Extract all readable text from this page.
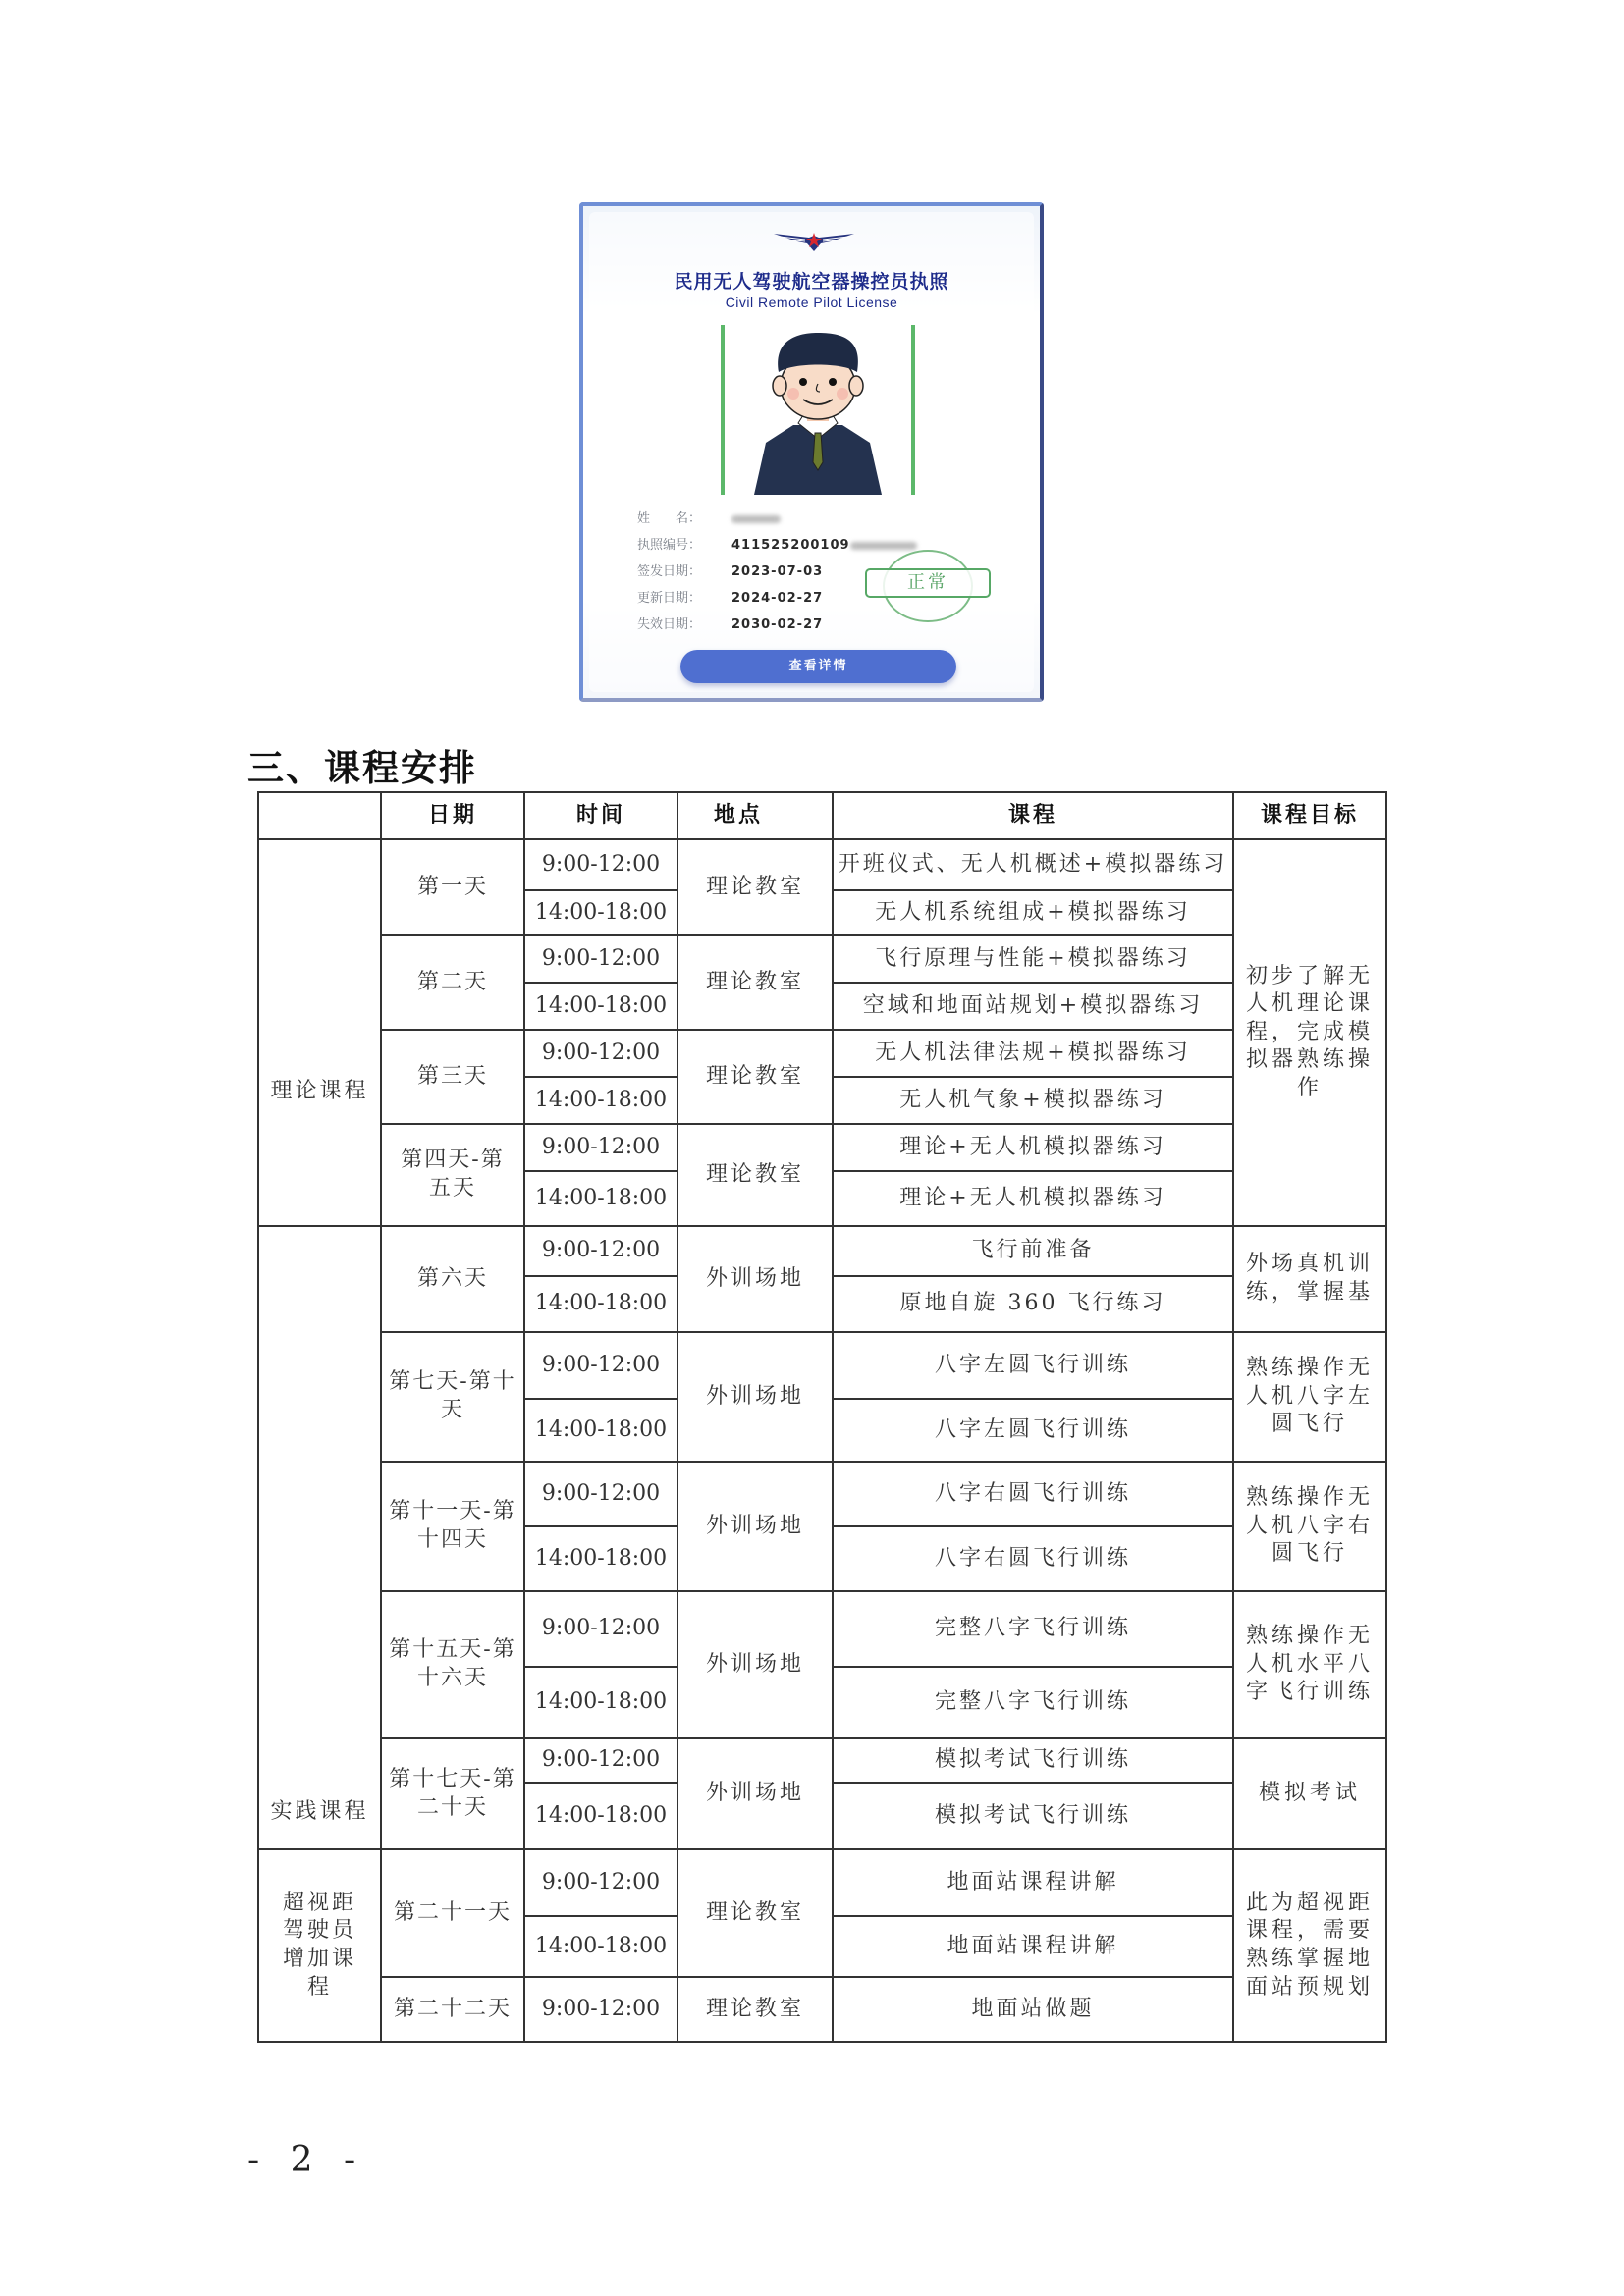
民用无人驾驶航空器操控员执照
Civil Remote Pilot License
姓　　名：
执照编号： 411525200109
签发日期： 2023-07-03
更新日期： 2024-02-27
失效日期： 2030-02-27
正常
查看详情
三、课程安排
	日期	时间	地点	课程	课程目标
理论课程	第一天	9:00-12:00	理论教室	开班仪式、无人机概述+模拟器练习	初步了解无人机理论课程，完成模拟器熟练操作
		14:00-18:00		无人机系统组成+模拟器练习	
	第二天	9:00-12:00	理论教室	飞行原理与性能+模拟器练习	
		14:00-18:00		空域和地面站规划+模拟器练习	
	第三天	9:00-12:00	理论教室	无人机法律法规+模拟器练习	
		14:00-18:00		无人机气象+模拟器练习	
	第四天-第五天	9:00-12:00	理论教室	理论+无人机模拟器练习	
		14:00-18:00		理论+无人机模拟器练习	
实践课程	第六天	9:00-12:00	外训场地	飞行前准备	外场真机训练，掌握基
		14:00-18:00		原地自旋 360 飞行练习	
	第七天-第十天	9:00-12:00	外训场地	八字左圆飞行训练	熟练操作无人机八字左圆飞行
		14:00-18:00		八字左圆飞行训练	
	第十一天-第十四天	9:00-12:00	外训场地	八字右圆飞行训练	熟练操作无人机八字右圆飞行
		14:00-18:00		八字右圆飞行训练	
	第十五天-第十六天	9:00-12:00	外训场地	完整八字飞行训练	熟练操作无人机水平八字飞行训练
		14:00-18:00		完整八字飞行训练	
	第十七天-第二十天	9:00-12:00	外训场地	模拟考试飞行训练	模拟考试
		14:00-18:00		模拟考试飞行训练	
超视距驾驶员增加课程	第二十一天	9:00-12:00	理论教室	地面站课程讲解	此为超视距课程，需要熟练掌握地面站预规划
		14:00-18:00		地面站课程讲解	
	第二十二天	9:00-12:00	理论教室	地面站做题	
- 2 -
